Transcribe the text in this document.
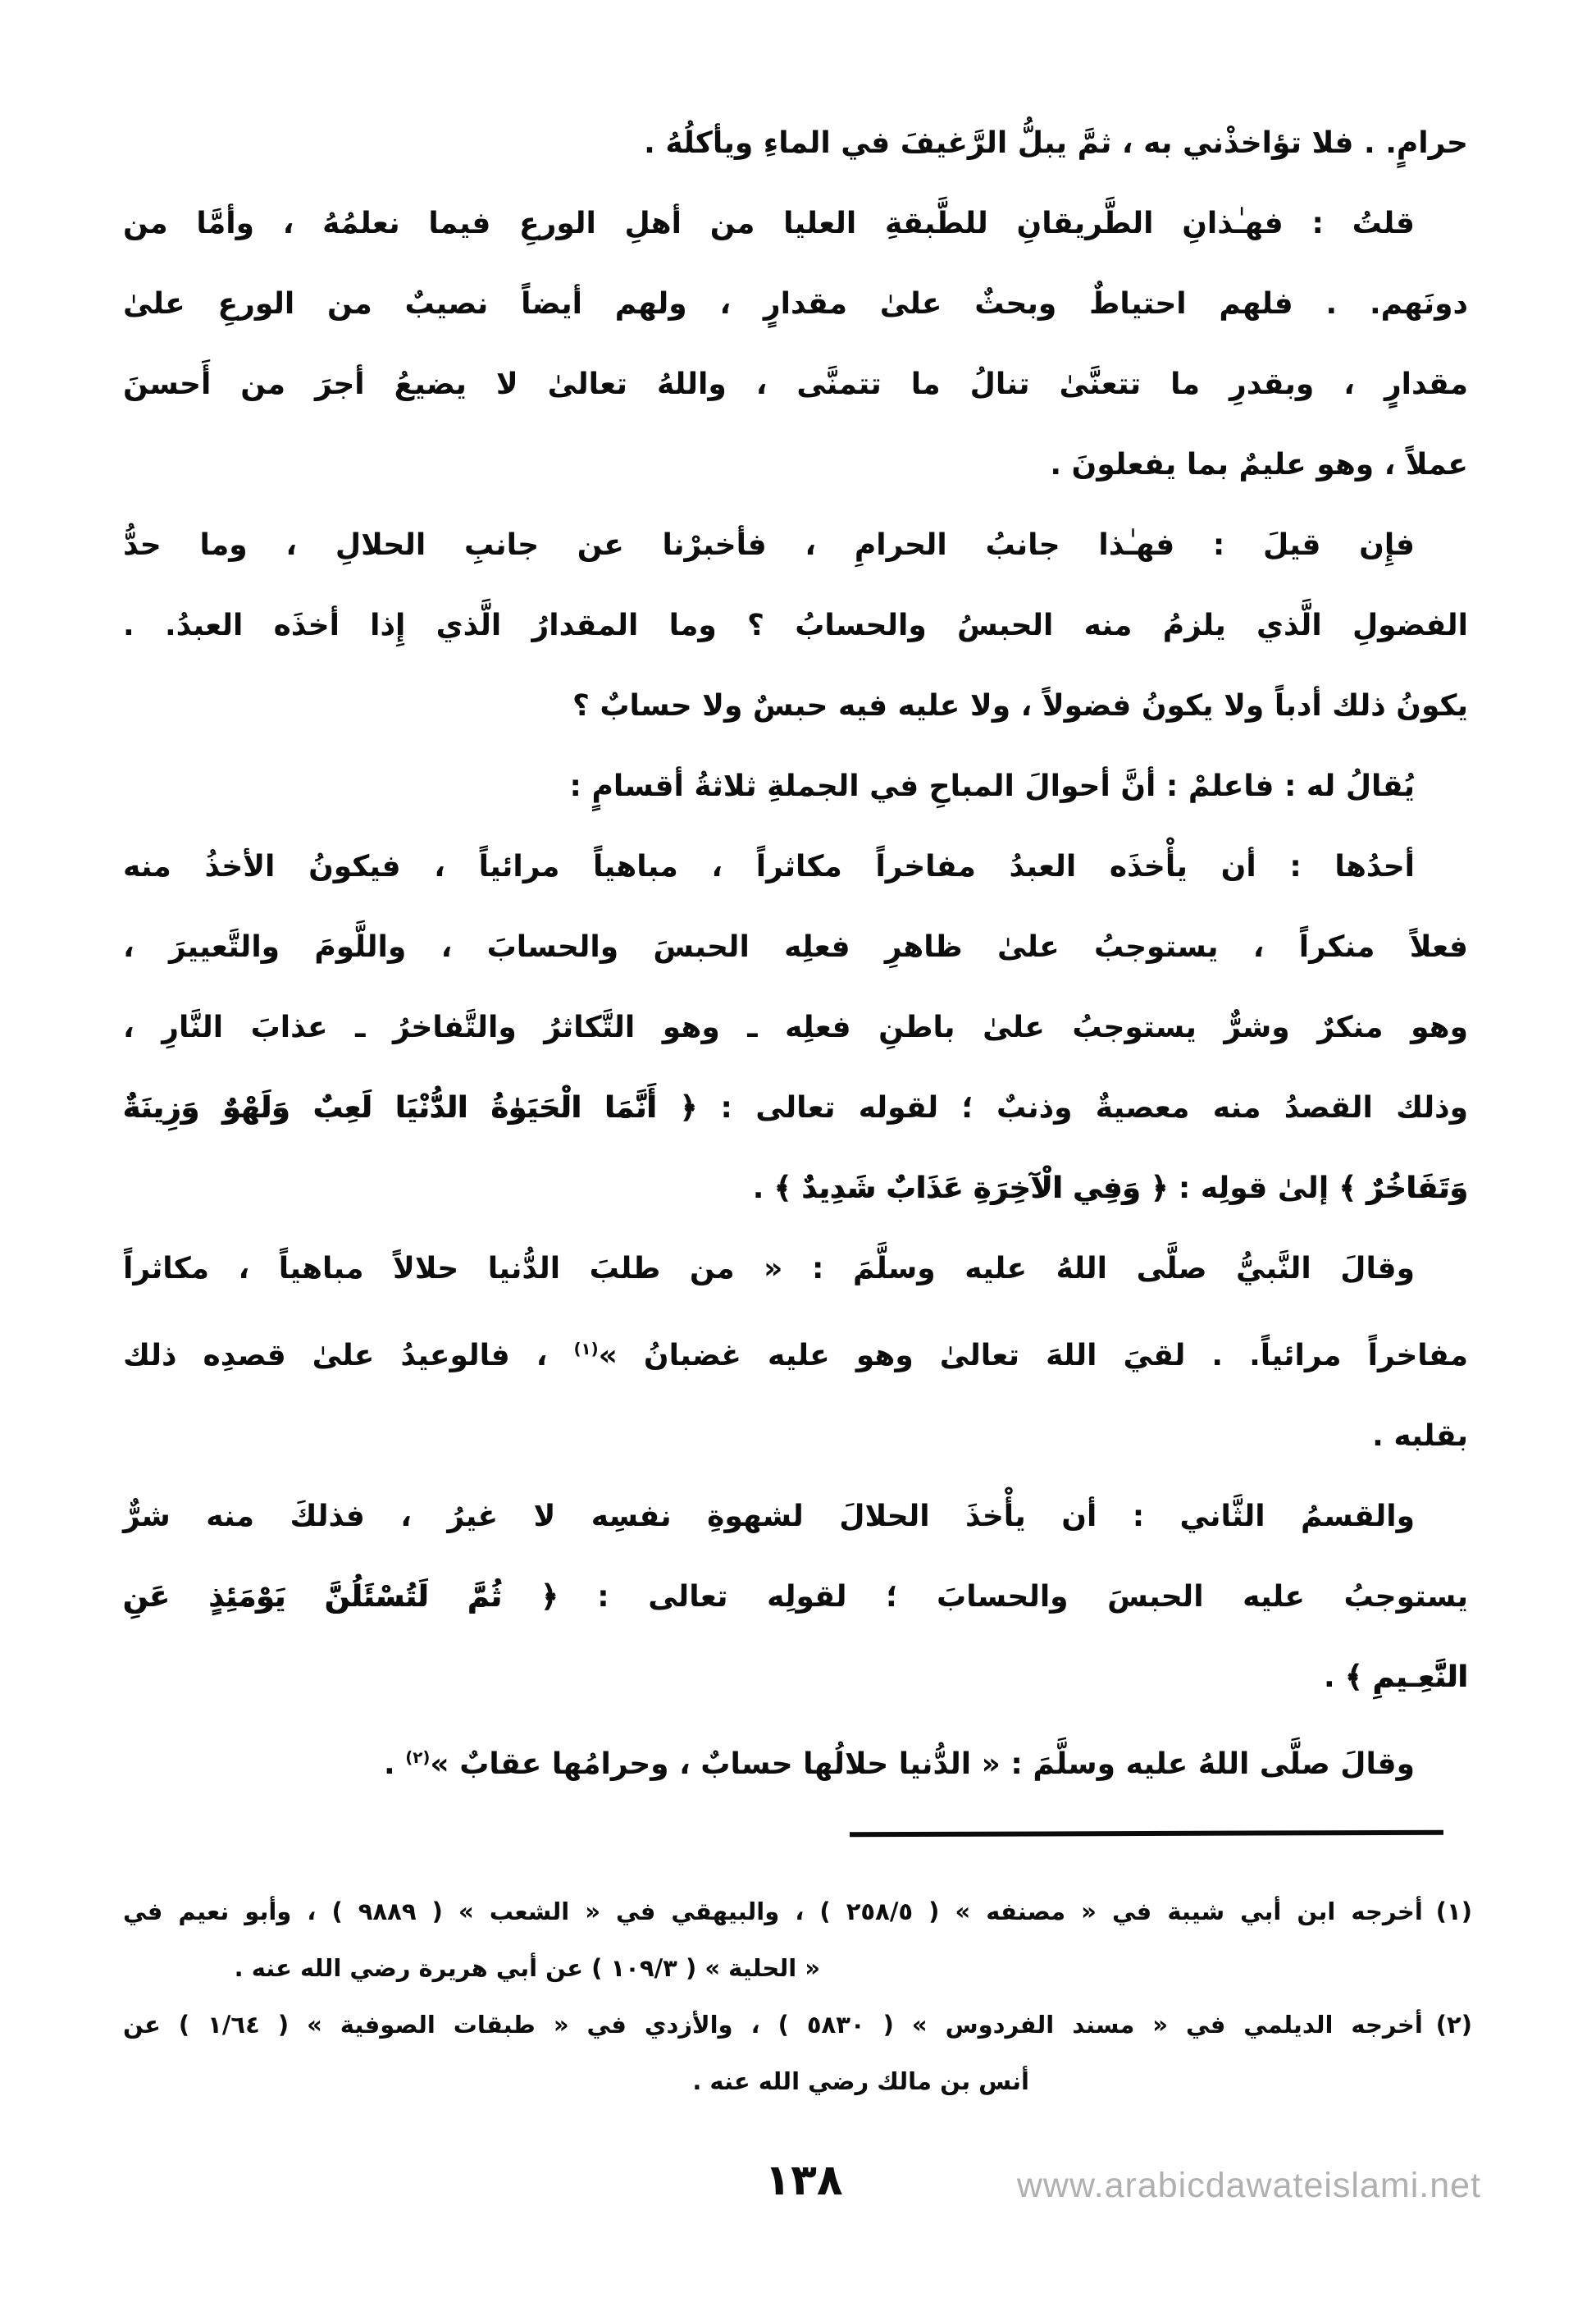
حرامٍ. . فلا تؤاخذْني به ، ثمَّ يبلُّ الرَّغيفَ في الماءِ ويأكلُهُ .
قلتُ : فهـٰذانِ الطَّريقانِ للطَّبقةِ العليا من أهلِ الورعِ فيما نعلمُهُ ، وأمَّا من
دونَهم. . فلهم احتياطٌ وبحثٌ علىٰ مقدارٍ ، ولهم أيضاً نصيبٌ من الورعِ علىٰ
مقدارٍ ، وبقدرِ ما تتعنَّىٰ تنالُ ما تتمنَّى ، واللهُ تعالىٰ لا يضيعُ أجرَ من أَحسنَ
عملاً ، وهو عليمٌ بما يفعلونَ .
فإِن قيلَ : فهـٰذا جانبُ الحرامِ ، فأخبرْنا عن جانبِ الحلالِ ، وما حدُّ
الفضولِ الَّذي يلزمُ منه الحبسُ والحسابُ ؟ وما المقدارُ الَّذي إِذا أخذَه العبدُ. .
يكونُ ذلك أدباً ولا يكونُ فضولاً ، ولا عليه فيه حبسٌ ولا حسابٌ ؟
يُقالُ له : فاعلمْ : أنَّ أحوالَ المباحِ في الجملةِ ثلاثةُ أقسامٍ :
أحدُها : أن يأْخذَه العبدُ مفاخراً مكاثراً ، مباهياً مرائياً ، فيكونُ الأخذُ منه
فعلاً منكراً ، يستوجبُ علىٰ ظاهرِ فعلِه الحبسَ والحسابَ ، واللَّومَ والتَّعييرَ ،
وهو منكرٌ وشرٌّ يستوجبُ علىٰ باطنِ فعلِه ـ وهو التَّكاثرُ والتَّفاخرُ ـ عذابَ النَّارِ ،
وذلك القصدُ منه معصيةٌ وذنبٌ ؛ لقوله تعالى : ﴿ أَنَّمَا الْحَيَوٰةُ الدُّنْيَا لَعِبٌ وَلَهْوٌ وَزِينَةٌ
وَتَفَاخُرٌ ﴾ إلىٰ قولِه : ﴿ وَفِي الْآخِرَةِ عَذَابٌ شَدِيدٌ ﴾ .
وقالَ النَّبيُّ صلَّى اللهُ عليه وسلَّمَ : « من طلبَ الدُّنيا حلالاً مباهياً ، مكاثراً
مفاخراً مرائياً. . لقيَ اللهَ تعالىٰ وهو عليه غضبانُ »$^{(١)}$ ، فالوعيدُ علىٰ قصدِه ذلك
بقلبه .
والقسمُ الثَّاني : أن يأْخذَ الحلالَ لشهوةِ نفسِه لا غيرُ ، فذلكَ منه شرٌّ
يستوجبُ عليه الحبسَ والحسابَ ؛ لقولِه تعالى : ﴿ ثُمَّ لَتُسْئَلُنَّ يَوْمَئِذٍ عَنِ
النَّعِـيمِ ﴾ .
وقالَ صلَّى اللهُ عليه وسلَّمَ : « الدُّنيا حلالُها حسابٌ ، وحرامُها عقابٌ »$^{(٢)}$ .
(١)أخرجه ابن أبي شيبة في « مصنفه » ( ٢٥٨/٥ ) ، والبيهقي في « الشعب » ( ٩٨٨٩ ) ، وأبو نعيم في
« الحلية » ( ١٠٩/٣ ) عن أبي هريرة رضي الله عنه .
(٢)أخرجه الديلمي في « مسند الفردوس » ( ٥٨٣٠ ) ، والأزدي في « طبقات الصوفية » ( ١/٦٤ ) عن
أنس بن مالك رضي الله عنه .
١٣٨	www.arabicdawateislami.net
